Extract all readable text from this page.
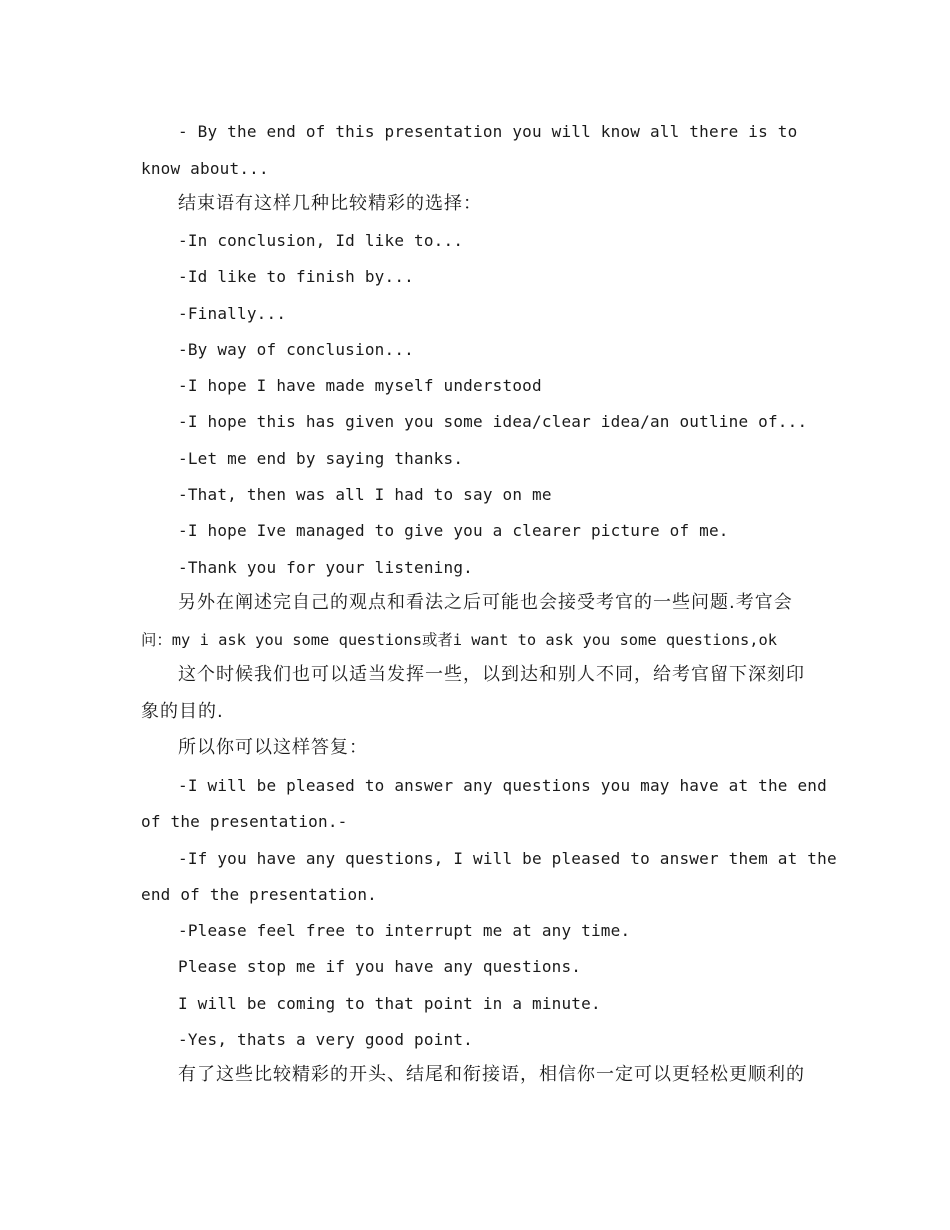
- By the end of this presentation you will know all there is to
know about...
结束语有这样几种比较精彩的选择：
-In conclusion, Id like to...
-Id like to finish by...
-Finally...
-By way of conclusion...
-I hope I have made myself understood
-I hope this has given you some idea/clear idea/an outline of...
-Let me end by saying thanks.
-That, then was all I had to say on me
-I hope Ive managed to give you a clearer picture of me.
-Thank you for your listening.
另外在阐述完自己的观点和看法之后可能也会接受考官的一些问题.考官会
问：my i ask you some questions或者i want to ask you some questions,ok
这个时候我们也可以适当发挥一些，以到达和别人不同，给考官留下深刻印
象的目的.
所以你可以这样答复：
-I will be pleased to answer any questions you may have at the end
of the presentation.-
-If you have any questions, I will be pleased to answer them at the
end of the presentation.
-Please feel free to interrupt me at any time.
Please stop me if you have any questions.
I will be coming to that point in a minute.
-Yes, thats a very good point.
有了这些比较精彩的开头、结尾和衔接语，相信你一定可以更轻松更顺利的
